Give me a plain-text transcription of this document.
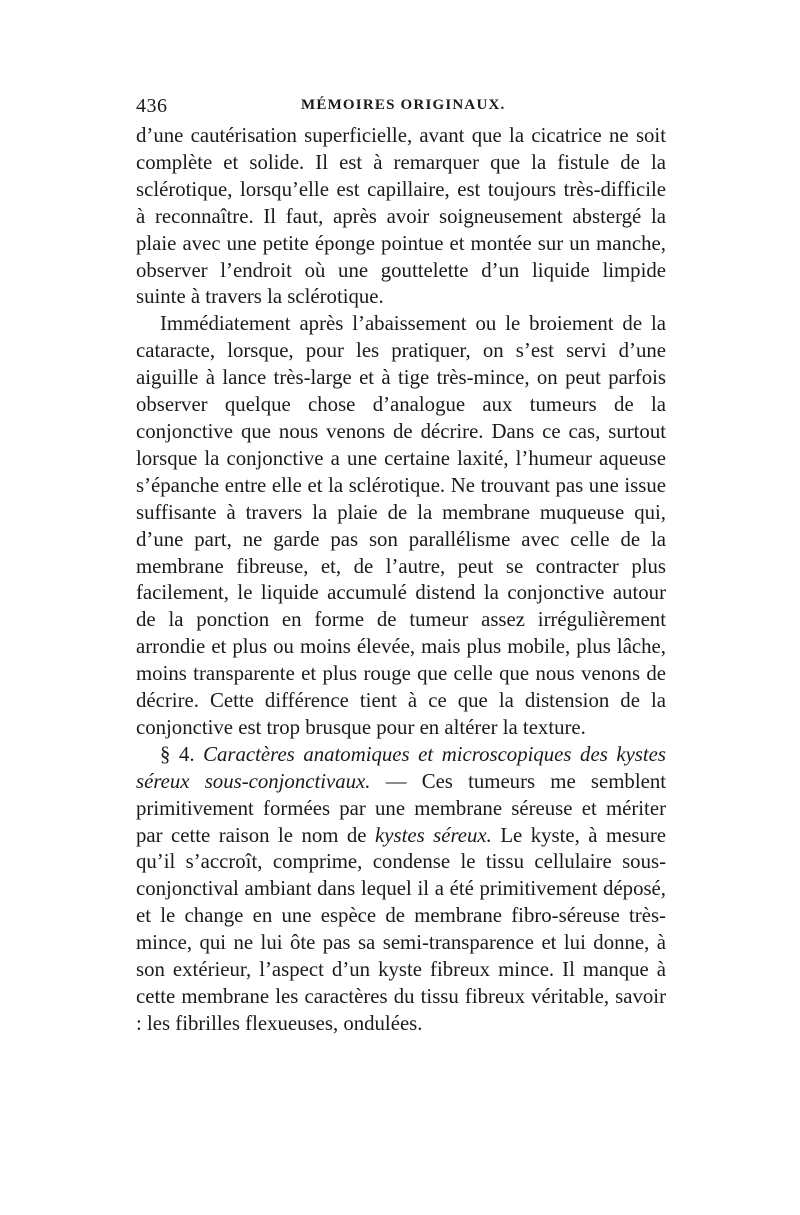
436	MÉMOIRES ORIGINAUX.

d’une cautérisation superficielle, avant que la cicatrice ne soit complète et solide. Il est à remarquer que la fistule de la sclérotique, lorsqu’elle est capillaire, est toujours très-difficile à reconnaître. Il faut, après avoir soigneusement abstergé la plaie avec une petite éponge pointue et montée sur un manche, observer l’endroit où une gouttelette d’un liquide limpide suinte à travers la sclérotique.

Immédiatement après l’abaissement ou le broiement de la cataracte, lorsque, pour les pratiquer, on s’est servi d’une aiguille à lance très-large et à tige très-mince, on peut parfois observer quelque chose d’analogue aux tumeurs de la conjonctive que nous venons de décrire. Dans ce cas, surtout lorsque la conjonctive a une certaine laxité, l’humeur aqueuse s’épanche entre elle et la sclérotique. Ne trouvant pas une issue suffisante à travers la plaie de la membrane muqueuse qui, d’une part, ne garde pas son parallélisme avec celle de la membrane fibreuse, et, de l’autre, peut se contracter plus facilement, le liquide accumulé distend la conjonctive autour de la ponction en forme de tumeur assez irrégulièrement arrondie et plus ou moins élevée, mais plus mobile, plus lâche, moins transparente et plus rouge que celle que nous venons de décrire. Cette différence tient à ce que la distension de la conjonctive est trop brusque pour en altérer la texture.

§ 4. Caractères anatomiques et microscopiques des kystes séreux sous-conjonctivaux. — Ces tumeurs me semblent primitivement formées par une membrane séreuse et mériter par cette raison le nom de kystes séreux. Le kyste, à mesure qu’il s’accroît, comprime, condense le tissu cellulaire sous-conjonctival ambiant dans lequel il a été primitivement déposé, et le change en une espèce de membrane fibro-séreuse très-mince, qui ne lui ôte pas sa semi-transparence et lui donne, à son extérieur, l’aspect d’un kyste fibreux mince. Il manque à cette membrane les caractères du tissu fibreux véritable, savoir : les fibrilles flexueuses, ondulées.
